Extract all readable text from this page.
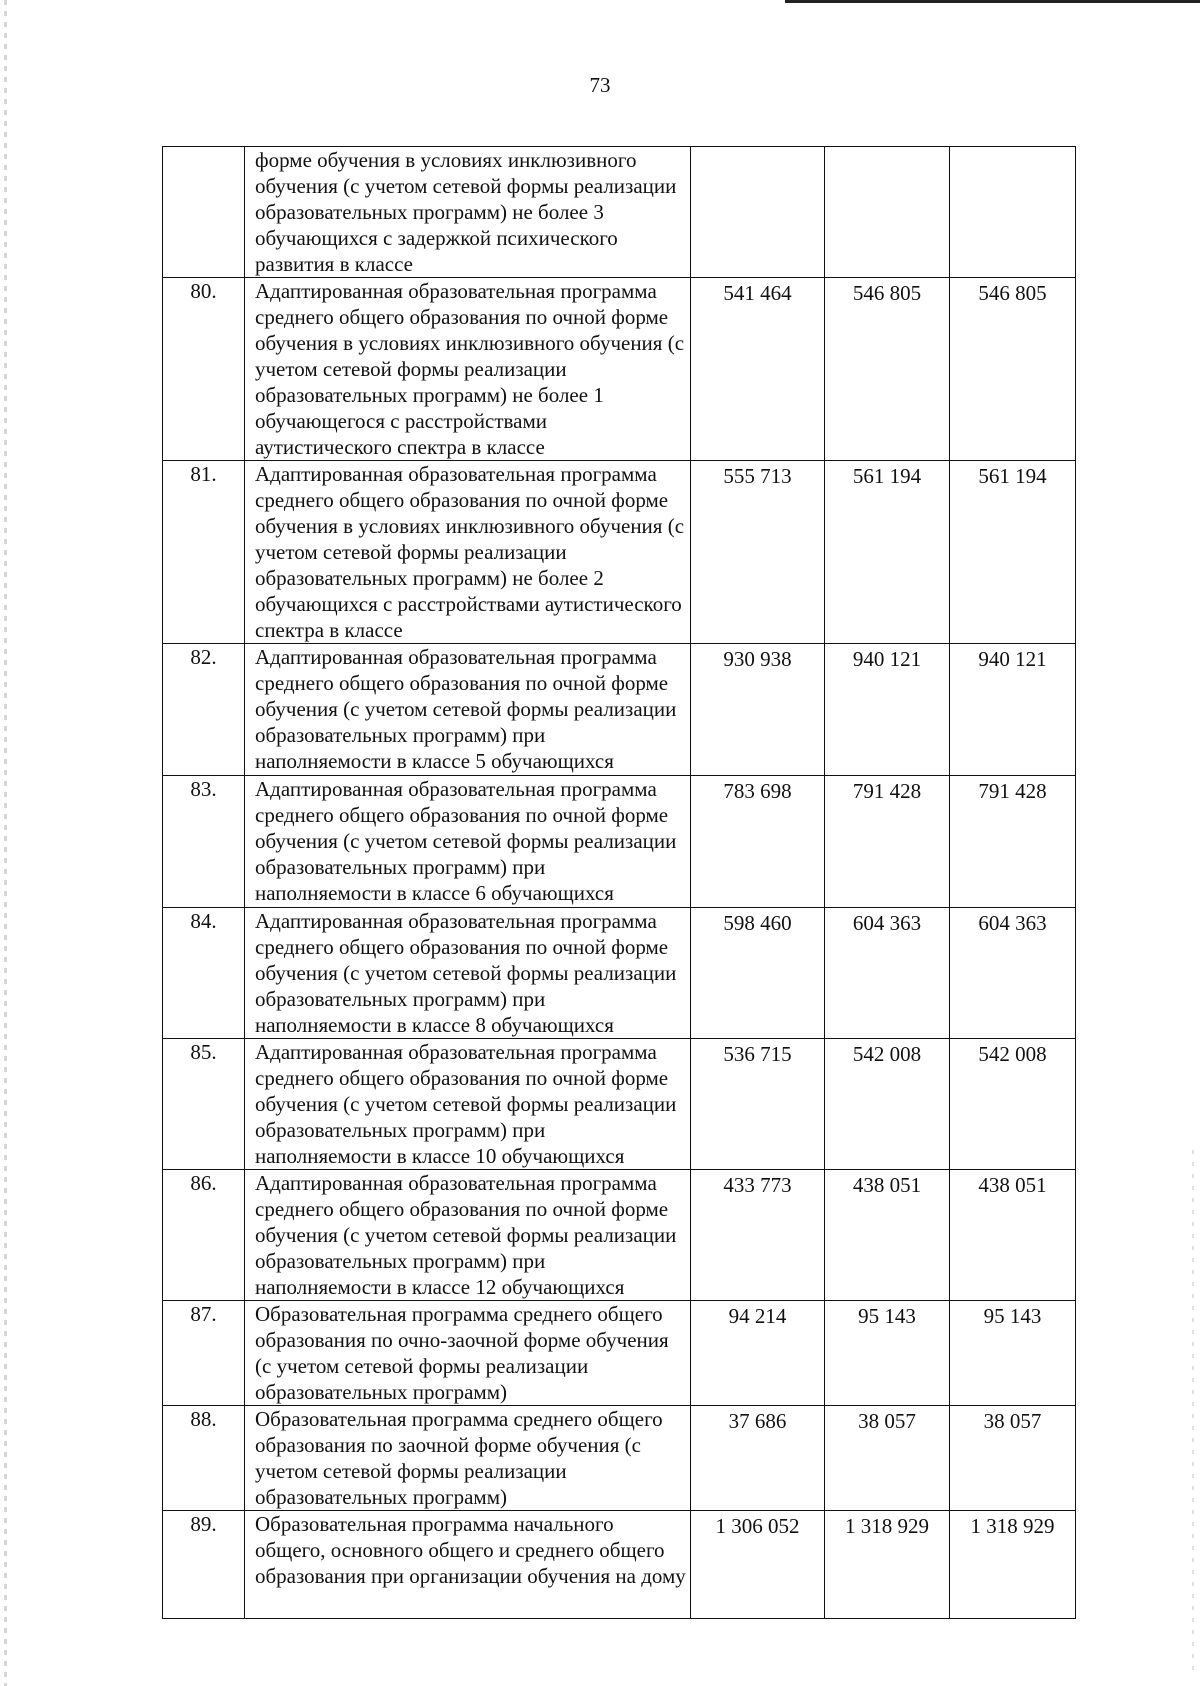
73
	форме обучения в условиях инклюзивного обучения (с учетом сетевой формы реализации образовательных программ) не более 3 обучающихся с задержкой психического развития в классе			
80.	Адаптированная образовательная программа среднего общего образования по очной форме обучения в условиях инклюзивного обучения (с учетом сетевой формы реализации образовательных программ) не более 1 обучающегося с расстройствами аутистического спектра в классе	541 464	546 805	546 805
81.	Адаптированная образовательная программа среднего общего образования по очной форме обучения в условиях инклюзивного обучения (с учетом сетевой формы реализации образовательных программ) не более 2 обучающихся с расстройствами аутистического спектра в классе	555 713	561 194	561 194
82.	Адаптированная образовательная программа среднего общего образования по очной форме обучения (с учетом сетевой формы реализации образовательных программ) при наполняемости в классе 5 обучающихся	930 938	940 121	940 121
83.	Адаптированная образовательная программа среднего общего образования по очной форме обучения (с учетом сетевой формы реализации образовательных программ) при наполняемости в классе 6 обучающихся	783 698	791 428	791 428
84.	Адаптированная образовательная программа среднего общего образования по очной форме обучения (с учетом сетевой формы реализации образовательных программ) при наполняемости в классе 8 обучающихся	598 460	604 363	604 363
85.	Адаптированная образовательная программа среднего общего образования по очной форме обучения (с учетом сетевой формы реализации образовательных программ) при наполняемости в классе 10 обучающихся	536 715	542 008	542 008
86.	Адаптированная образовательная программа среднего общего образования по очной форме обучения (с учетом сетевой формы реализации образовательных программ) при наполняемости в классе 12 обучающихся	433 773	438 051	438 051
87.	Образовательная программа среднего общего образования по очно-заочной форме обучения (с учетом сетевой формы реализации образовательных программ)	94 214	95 143	95 143
88.	Образовательная программа среднего общего образования по заочной форме обучения (с учетом сетевой формы реализации образовательных программ)	37 686	38 057	38 057
89.	Образовательная программа начального общего, основного общего и среднего общего образования при организации обучения на дому	1 306 052	1 318 929	1 318 929
